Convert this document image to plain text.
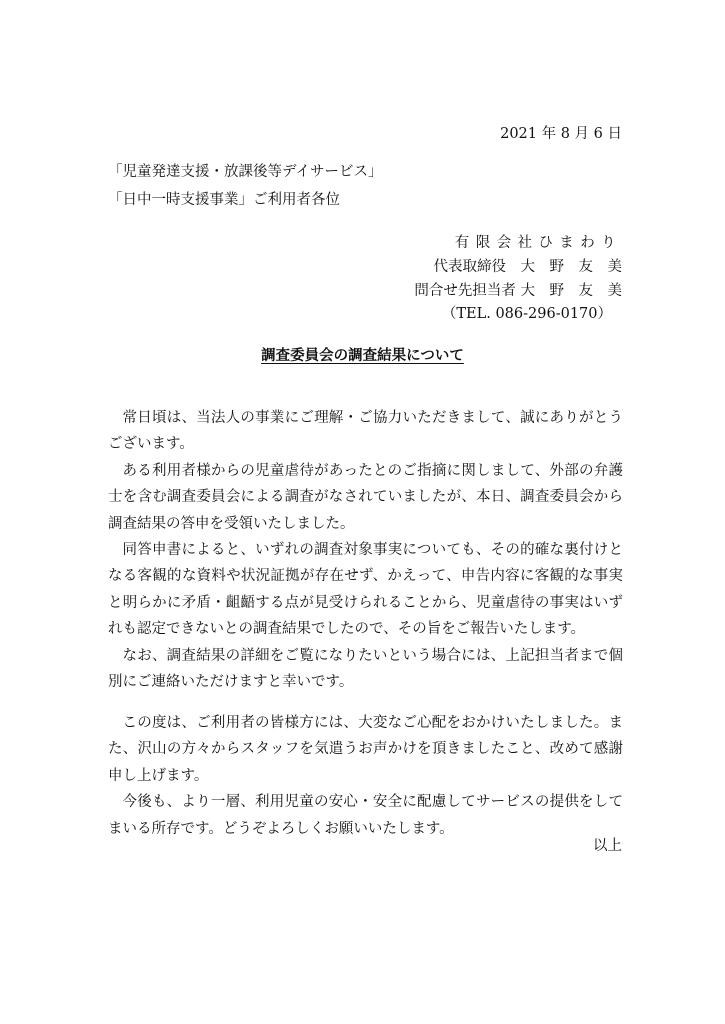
2021 年 8 月 6 日
「児童発達支援・放課後等デイサービス」
「日中一時支援事業」ご利用者各位
有限会社ひまわり
代表取締役　大　野　友　美
問合せ先担当者 大　野　友　美
（TEL. 086-296-0170）
調査委員会の調査結果について

常日頃は、当法人の事業にご理解・ご協力いただきまして、誠にありがとうございます。

ある利用者様からの児童虐待があったとのご指摘に関しまして、外部の弁護士を含む調査委員会による調査がなされていましたが、本日、調査委員会から調査結果の答申を受領いたしました。

同答申書によると、いずれの調査対象事実についても、その的確な裏付けとなる客観的な資料や状況証拠が存在せず、かえって、申告内容に客観的な事実と明らかに矛盾・齟齬する点が見受けられることから、児童虐待の事実はいずれも認定できないとの調査結果でしたので、その旨をご報告いたします。

なお、調査結果の詳細をご覧になりたいという場合には、上記担当者まで個別にご連絡いただけますと幸いです。

この度は、ご利用者の皆様方には、大変なご心配をおかけいたしました。また、沢山の方々からスタッフを気遣うお声かけを頂きましたこと、改めて感謝申し上げます。

今後も、より一層、利用児童の安心・安全に配慮してサービスの提供をしてまいる所存です。どうぞよろしくお願いいたします。

以上
